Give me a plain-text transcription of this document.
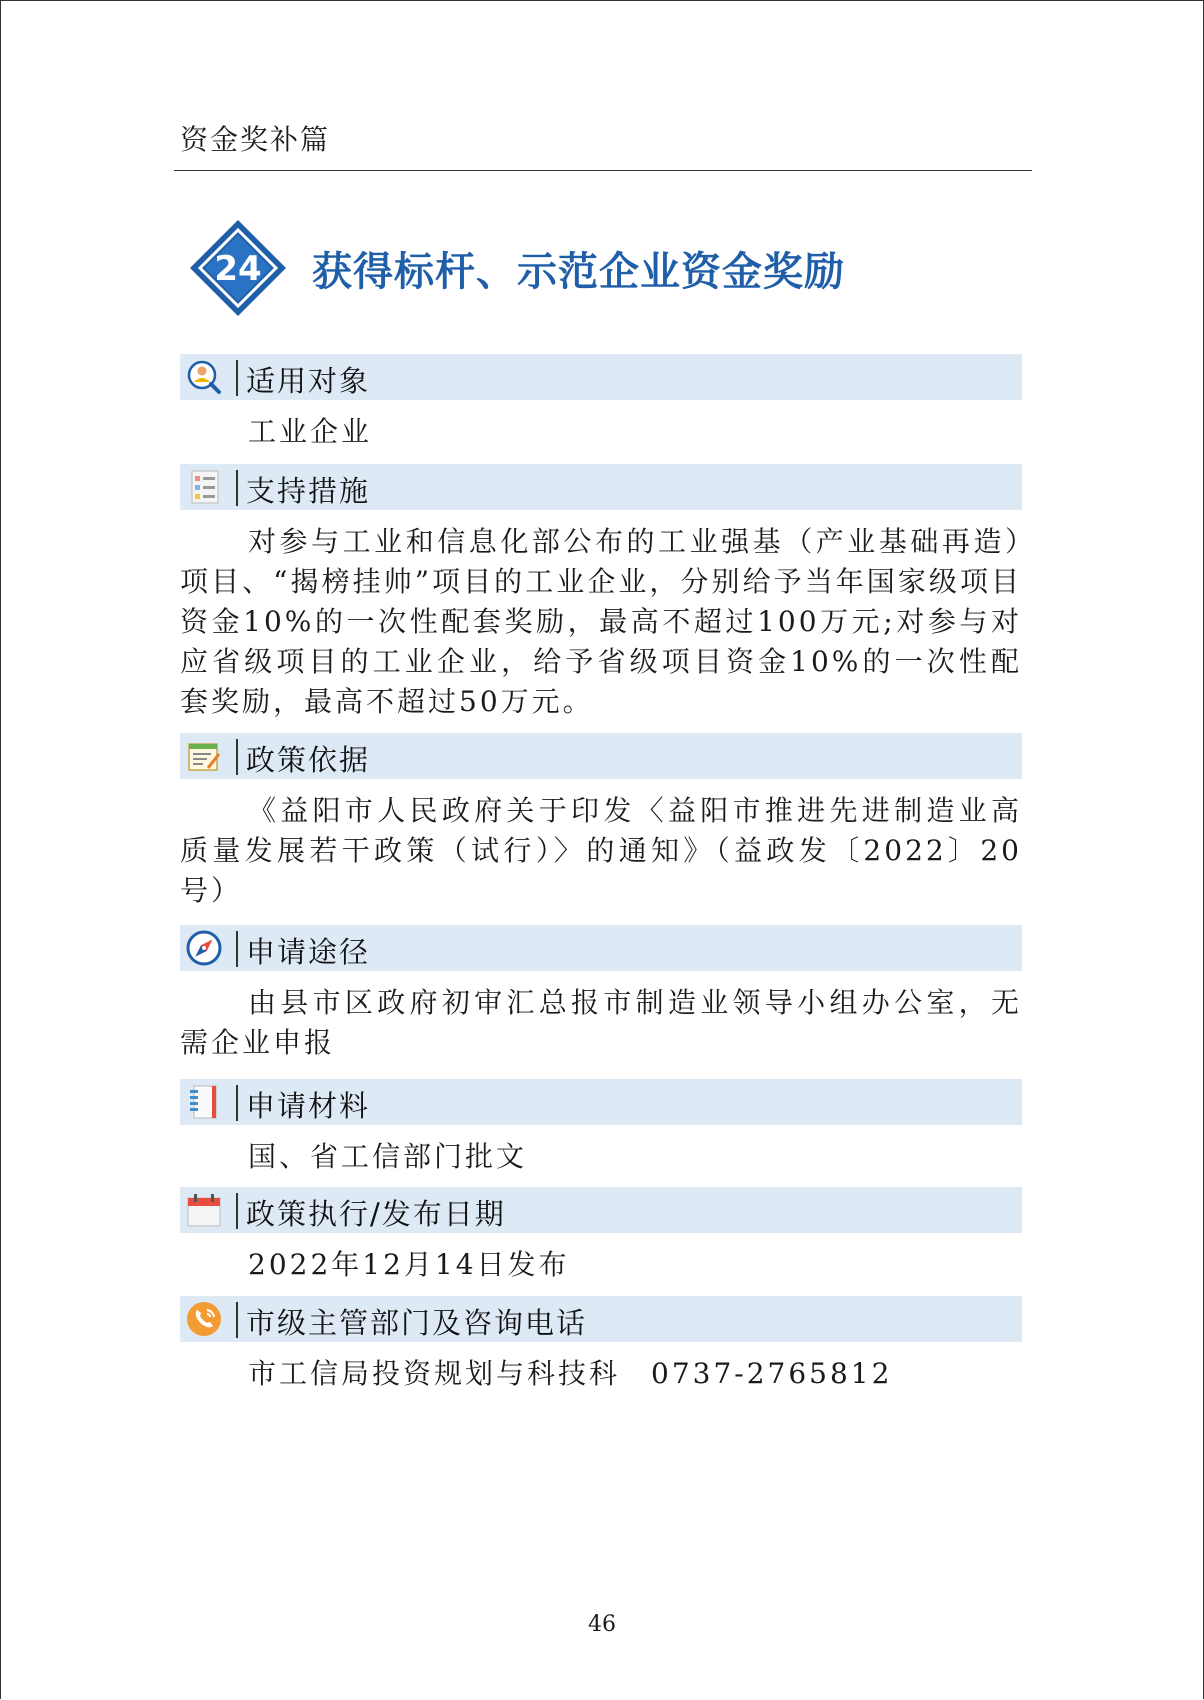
资金奖补篇
24 获得标杆、示范企业资金奖励
适用对象
工业企业
支持措施
对参与工业和信息化部公布的工业强基（产业基础再造）项目、“揭榜挂帅”项目的工业企业，分别给予当年国家级项目资金10%的一次性配套奖励，最高不超过100万元;对参与对应省级项目的工业企业，给予省级项目资金10%的一次性配套奖励，最高不超过50万元。
政策依据
《益阳市人民政府关于印发〈益阳市推进先进制造业高质量发展若干政策（试行）〉的通知》（益政发〔2022〕20号）
申请途径
由县市区政府初审汇总报市制造业领导小组办公室，无需企业申报
申请材料
国、省工信部门批文
政策执行/发布日期
2022年12月14日发布
市级主管部门及咨询电话
市工信局投资规划与科技科　0737-2765812
46
